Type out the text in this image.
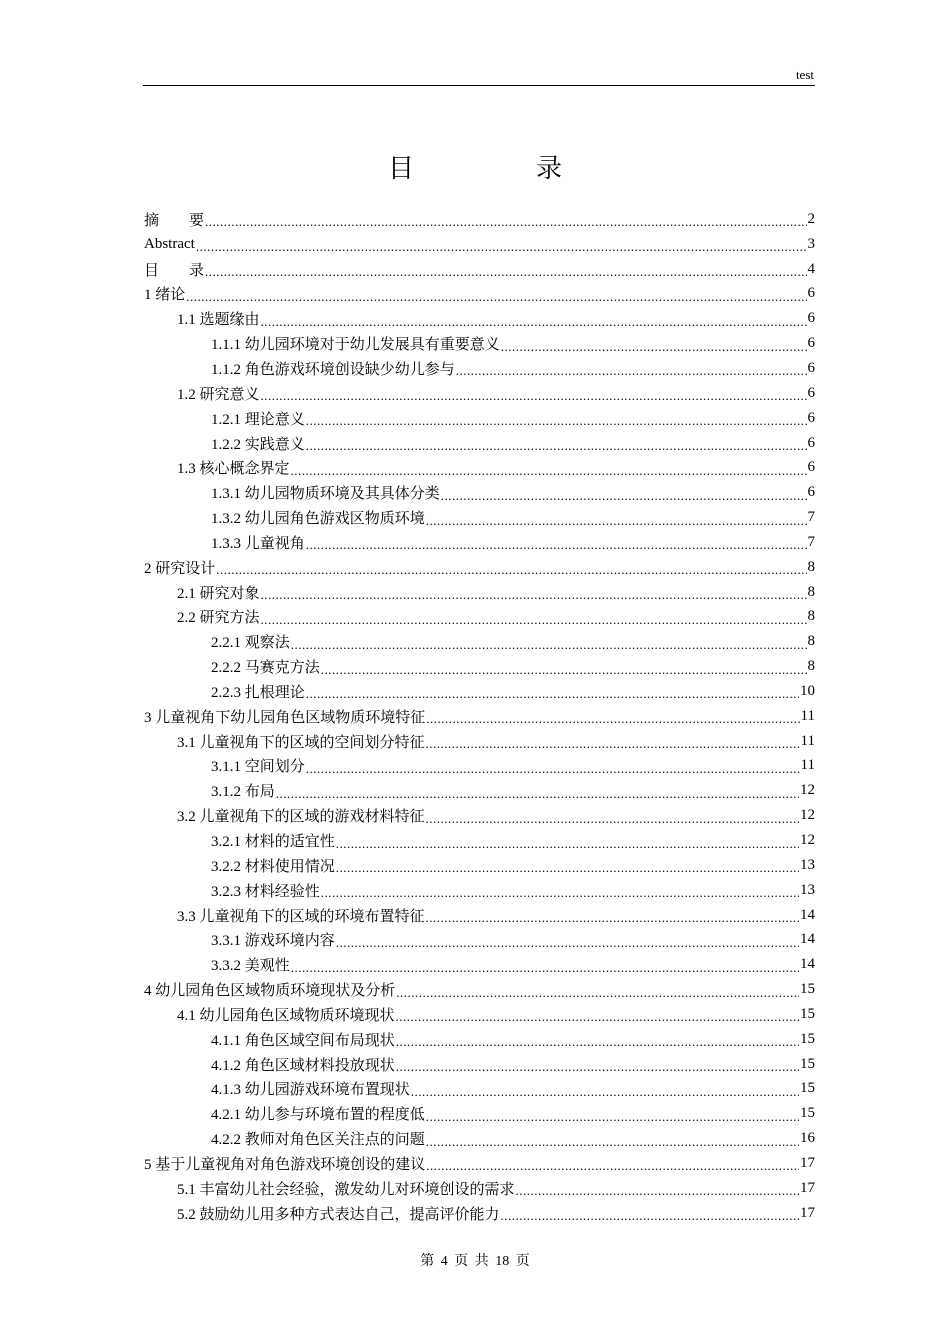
test
目　录
摘　　要 .....	2
Abstract .....	3
目　　录 .....	4
1 绪论 .....	6
1.1 选题缘由 .....	6
1.1.1 幼儿园环境对于幼儿发展具有重要意义 .....	6
1.1.2 角色游戏环境创设缺少幼儿参与 .....	6
1.2 研究意义 .....	6
1.2.1 理论意义 .....	6
1.2.2 实践意义 .....	6
1.3 核心概念界定 .....	6
1.3.1 幼儿园物质环境及其具体分类 .....	6
1.3.2 幼儿园角色游戏区物质环境 .....	7
1.3.3 儿童视角 .....	7
2 研究设计 .....	8
2.1 研究对象 .....	8
2.2 研究方法 .....	8
2.2.1 观察法 .....	8
2.2.2 马赛克方法 .....	8
2.2.3 扎根理论 .....	10
3 儿童视角下幼儿园角色区域物质环境特征 .....	11
3.1 儿童视角下的区域的空间划分特征 .....	11
3.1.1 空间划分 .....	11
3.1.2 布局 .....	12
3.2 儿童视角下的区域的游戏材料特征 .....	12
3.2.1 材料的适宜性 .....	12
3.2.2 材料使用情况 .....	13
3.2.3 材料经验性 .....	13
3.3 儿童视角下的区域的环境布置特征 .....	14
3.3.1 游戏环境内容 .....	14
3.3.2 美观性 .....	14
4 幼儿园角色区域物质环境现状及分析 .....	15
4.1 幼儿园角色区域物质环境现状 .....	15
4.1.1 角色区域空间布局现状 .....	15
4.1.2 角色区域材料投放现状 .....	15
4.1.3 幼儿园游戏环境布置现状 .....	15
4.2.1 幼儿参与环境布置的程度低 .....	15
4.2.2 教师对角色区关注点的问题 .....	16
5 基于儿童视角对角色游戏环境创设的建议 .....	17
5.1 丰富幼儿社会经验，激发幼儿对环境创设的需求 .....	17
5.2 鼓励幼儿用多种方式表达自己，提高评价能力 .....	17
第 4 页 共 18 页
